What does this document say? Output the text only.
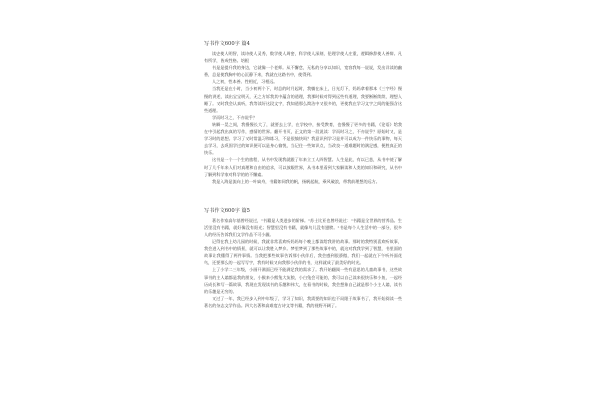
写书作文600字 篇4

读史使人明智，读诗使人灵秀，数学使人周密，科学使人深刻，伦理学使人庄重，逻辑修辞使人善辩。凡有所学，皆成性格。培根

书是是提升我的身边，它就像一个老师。从不懈怠，无私的分享以知识，宽容我每一说说，发出详读的幽香，总是使我胸中的心沉静下来，我就在这路书中，使得到。

人之初，性本善。性相近，习相远。

当我还是在小时，当小初两个下，时总的时月起时，我躺在床上，日光灯下，妈妈拿着那本《三字经》慢慢的讲述，读出宝宝明天，无之方诉我其中蕴含的道理，我那时候对得到远些有道理，我要断断续续，理想入睡了。又时我会认真听，我等读好这段文字，我知道那么简洁中又很多的，更使我在学习文字之间的能强含这些道理。

学而时习之，不亦说乎？

转瞬一晃之间，我慢慢长大了，就要去上学，在学校中，接受教育，也慢慢了更多的书籍，《论语》给我在中引起我出真的写作，感情的世界。翻开书页，正文的第一段说读：学而时习之，不亦说乎？原始时又，是学习时的思想。学习了又时常温习和练习，不是很愉快吗？我意识到学习是并可以成为一件快乐的事物，每天去学习，去巩固学过的知识便可以是身心愉悦，当记住一些知识点，当改良一道难题时的满足感，便胜真正的快乐。

这书是一个一个生的旅程，从书中发现我就跟了年来立工人四智慧。人生是此，有以已悲，从书中使了解时了几千年来人们对真理和自由的追求，可以放眼世界，从书本里看到大家解读和人类的知识和研究，从书中了解到科学家对科学的的不懈索。

我是入海是流向上的一叶扁舟，书籍如同我的帆，扬帆起航，乘风破浪，带我前理想的远方。

写书作文600字 篇5

著名作家高尔基曾经说过，"书籍是人类进步的阶梯。"苏士比亚也曾经说过："书籍是全世界的营养品。生活里没有书籍，就好像没有阳光；智慧里没有书籍，就像鸟儿没有翅膀。"书是每个人生活中的一部分，很多人的经历告诉我们文学作品不可小觑。

记得在我上幼儿园的时候，我就非常喜欢听妈妈每个晚上都读给我讲的故事。那时的我特别喜欢听故事，我会进入到书中的情景，就可以让我胜入梦乡。梦里梦到了那些故事中的，就这对我我学到了智慧，书里面的故事让我懂得了两件事情。当我把那些故事告诉那小伙伴后，我会感到很骄傲，我们一起就在下午听外面花鸟，还要那么的一起写写字，我有时候又向我那小伙伴的书，这样就成了最美好的时光。

上了小学二三年级，小画开满面已经不能满足我的需求了。我开始翻阅一些有意思的儿童故事书，这些故事书的主人翁都是我的朋友，小猴来小熊兔大灰狼，小白兔会可能的，我可以自己读来很快乐和小鱼，一起经历成长和写一篇故事，我现在发现读书的乐趣和伟大，在看书的时候，我会想象自己就是那个小主人翁，读书的乐趣是无穷的。

又过了一年，我已经步入到中年级了，学习了知识，我需要的知识也不局限于故事书了，我开始阅读一些著名的杂志文学作品。四大名著和高难度古诗文等书籍，我的视野开阔了。
